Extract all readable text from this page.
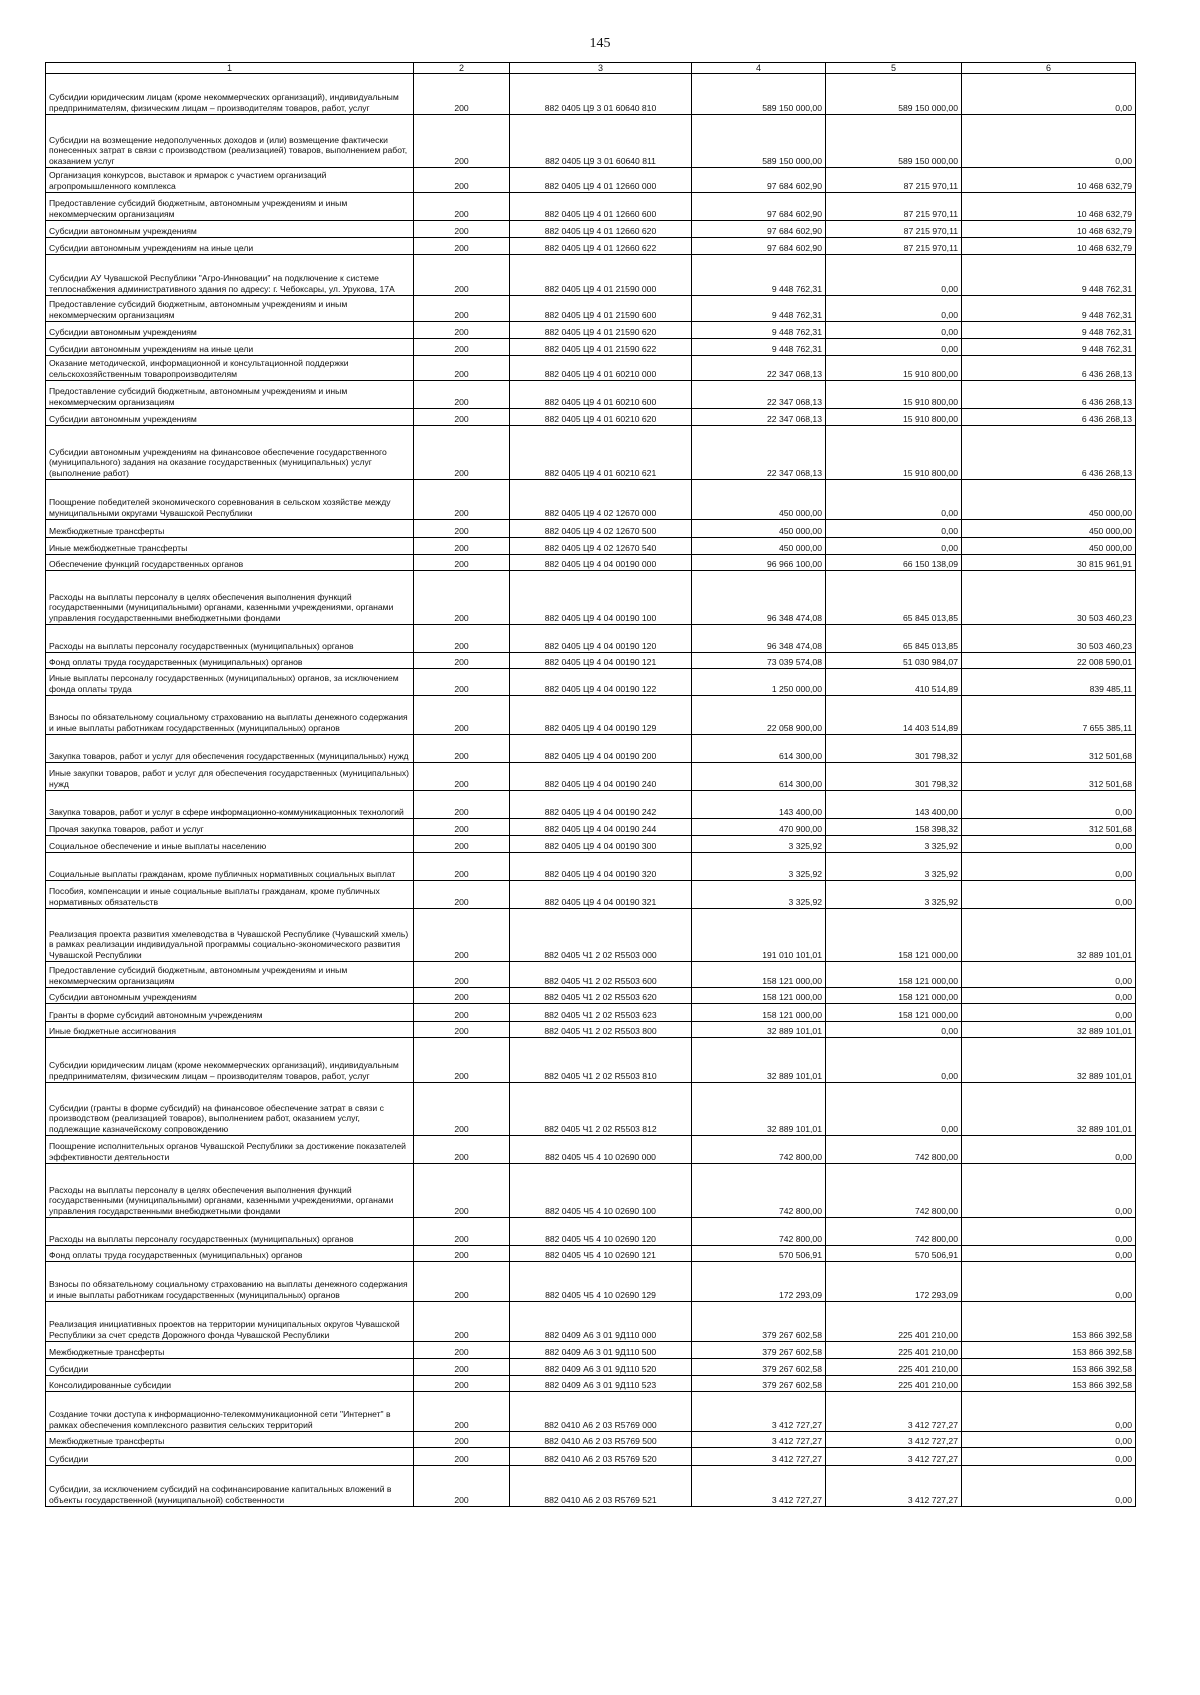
145
1	2	3	4	5	6
Субсидии юридическим лицам (кроме некоммерческих организаций), индивидуальным предпринимателям, физическим лицам – производителям товаров, работ, услуг	200	882 0405 Ц9 3 01 60640 810	589 150 000,00	589 150 000,00	0,00
Субсидии на возмещение недополученных доходов и (или) возмещение фактически понесенных затрат в связи с производством (реализацией) товаров, выполнением работ, оказанием услуг	200	882 0405 Ц9 3 01 60640 811	589 150 000,00	589 150 000,00	0,00
Организация конкурсов, выставок и ярмарок с участием организаций агропромышленного комплекса	200	882 0405 Ц9 4 01 12660 000	97 684 602,90	87 215 970,11	10 468 632,79
Предоставление субсидий бюджетным, автономным учреждениям и иным некоммерческим организациям	200	882 0405 Ц9 4 01 12660 600	97 684 602,90	87 215 970,11	10 468 632,79
Субсидии автономным учреждениям	200	882 0405 Ц9 4 01 12660 620	97 684 602,90	87 215 970,11	10 468 632,79
Субсидии автономным учреждениям на иные цели	200	882 0405 Ц9 4 01 12660 622	97 684 602,90	87 215 970,11	10 468 632,79
Субсидии АУ Чувашской Республики "Агро-Инновации" на подключение к системе теплоснабжения административного здания по адресу: г. Чебоксары, ул. Урукова, 17А	200	882 0405 Ц9 4 01 21590 000	9 448 762,31	0,00	9 448 762,31
Предоставление субсидий бюджетным, автономным учреждениям и иным некоммерческим организациям	200	882 0405 Ц9 4 01 21590 600	9 448 762,31	0,00	9 448 762,31
Субсидии автономным учреждениям	200	882 0405 Ц9 4 01 21590 620	9 448 762,31	0,00	9 448 762,31
Субсидии автономным учреждениям на иные цели	200	882 0405 Ц9 4 01 21590 622	9 448 762,31	0,00	9 448 762,31
Оказание методической, информационной и консультационной поддержки сельскохозяйственным товаропроизводителям	200	882 0405 Ц9 4 01 60210 000	22 347 068,13	15 910 800,00	6 436 268,13
Предоставление субсидий бюджетным, автономным учреждениям и иным некоммерческим организациям	200	882 0405 Ц9 4 01 60210 600	22 347 068,13	15 910 800,00	6 436 268,13
Субсидии автономным учреждениям	200	882 0405 Ц9 4 01 60210 620	22 347 068,13	15 910 800,00	6 436 268,13
Субсидии автономным учреждениям на финансовое обеспечение государственного (муниципального) задания на оказание государственных (муниципальных) услуг (выполнение работ)	200	882 0405 Ц9 4 01 60210 621	22 347 068,13	15 910 800,00	6 436 268,13
Поощрение победителей экономического соревнования в сельском хозяйстве между муниципальными округами Чувашской Республики	200	882 0405 Ц9 4 02 12670 000	450 000,00	0,00	450 000,00
Межбюджетные трансферты	200	882 0405 Ц9 4 02 12670 500	450 000,00	0,00	450 000,00
Иные межбюджетные трансферты	200	882 0405 Ц9 4 02 12670 540	450 000,00	0,00	450 000,00
Обеспечение функций государственных органов	200	882 0405 Ц9 4 04 00190 000	96 966 100,00	66 150 138,09	30 815 961,91
Расходы на выплаты персоналу в целях обеспечения выполнения функций государственными (муниципальными) органами, казенными учреждениями, органами управления государственными внебюджетными фондами	200	882 0405 Ц9 4 04 00190 100	96 348 474,08	65 845 013,85	30 503 460,23
Расходы на выплаты персоналу государственных (муниципальных) органов	200	882 0405 Ц9 4 04 00190 120	96 348 474,08	65 845 013,85	30 503 460,23
Фонд оплаты труда государственных (муниципальных) органов	200	882 0405 Ц9 4 04 00190 121	73 039 574,08	51 030 984,07	22 008 590,01
Иные выплаты персоналу государственных (муниципальных) органов, за исключением фонда оплаты труда	200	882 0405 Ц9 4 04 00190 122	1 250 000,00	410 514,89	839 485,11
Взносы по обязательному социальному страхованию на выплаты денежного содержания и иные выплаты работникам государственных (муниципальных) органов	200	882 0405 Ц9 4 04 00190 129	22 058 900,00	14 403 514,89	7 655 385,11
Закупка товаров, работ и услуг для обеспечения государственных (муниципальных) нужд	200	882 0405 Ц9 4 04 00190 200	614 300,00	301 798,32	312 501,68
Иные закупки товаров, работ и услуг для обеспечения государственных (муниципальных) нужд	200	882 0405 Ц9 4 04 00190 240	614 300,00	301 798,32	312 501,68
Закупка товаров, работ и услуг в сфере информационно-коммуникационных технологий	200	882 0405 Ц9 4 04 00190 242	143 400,00	143 400,00	0,00
Прочая закупка товаров, работ и услуг	200	882 0405 Ц9 4 04 00190 244	470 900,00	158 398,32	312 501,68
Социальное обеспечение и иные выплаты населению	200	882 0405 Ц9 4 04 00190 300	3 325,92	3 325,92	0,00
Социальные выплаты гражданам, кроме публичных нормативных социальных выплат	200	882 0405 Ц9 4 04 00190 320	3 325,92	3 325,92	0,00
Пособия, компенсации и иные социальные выплаты гражданам, кроме публичных нормативных обязательств	200	882 0405 Ц9 4 04 00190 321	3 325,92	3 325,92	0,00
Реализация проекта развития хмелеводства в Чувашской Республике (Чувашский хмель) в рамках реализации индивидуальной программы социально-экономического развития Чувашской Республики	200	882 0405 Ч1 2 02 R5503 000	191 010 101,01	158 121 000,00	32 889 101,01
Предоставление субсидий бюджетным, автономным учреждениям и иным некоммерческим организациям	200	882 0405 Ч1 2 02 R5503 600	158 121 000,00	158 121 000,00	0,00
Субсидии автономным учреждениям	200	882 0405 Ч1 2 02 R5503 620	158 121 000,00	158 121 000,00	0,00
Гранты в форме субсидий автономным учреждениям	200	882 0405 Ч1 2 02 R5503 623	158 121 000,00	158 121 000,00	0,00
Иные бюджетные ассигнования	200	882 0405 Ч1 2 02 R5503 800	32 889 101,01	0,00	32 889 101,01
Субсидии юридическим лицам (кроме некоммерческих организаций), индивидуальным предпринимателям, физическим лицам – производителям товаров, работ, услуг	200	882 0405 Ч1 2 02 R5503 810	32 889 101,01	0,00	32 889 101,01
Субсидии (гранты в форме субсидий) на финансовое обеспечение затрат в связи с производством (реализацией товаров), выполнением работ, оказанием услуг, подлежащие казначейскому сопровождению	200	882 0405 Ч1 2 02 R5503 812	32 889 101,01	0,00	32 889 101,01
Поощрение исполнительных органов Чувашской Республики за достижение показателей эффективности деятельности	200	882 0405 Ч5 4 10 02690 000	742 800,00	742 800,00	0,00
Расходы на выплаты персоналу в целях обеспечения выполнения функций государственными (муниципальными) органами, казенными учреждениями, органами управления государственными внебюджетными фондами	200	882 0405 Ч5 4 10 02690 100	742 800,00	742 800,00	0,00
Расходы на выплаты персоналу государственных (муниципальных) органов	200	882 0405 Ч5 4 10 02690 120	742 800,00	742 800,00	0,00
Фонд оплаты труда государственных (муниципальных) органов	200	882 0405 Ч5 4 10 02690 121	570 506,91	570 506,91	0,00
Взносы по обязательному социальному страхованию на выплаты денежного содержания и иные выплаты работникам государственных (муниципальных) органов	200	882 0405 Ч5 4 10 02690 129	172 293,09	172 293,09	0,00
Реализация инициативных проектов на территории муниципальных округов Чувашской Республики за счет средств Дорожного фонда Чувашской Республики	200	882 0409 А6 3 01 9Д110 000	379 267 602,58	225 401 210,00	153 866 392,58
Межбюджетные трансферты	200	882 0409 А6 3 01 9Д110 500	379 267 602,58	225 401 210,00	153 866 392,58
Субсидии	200	882 0409 А6 3 01 9Д110 520	379 267 602,58	225 401 210,00	153 866 392,58
Консолидированные субсидии	200	882 0409 А6 3 01 9Д110 523	379 267 602,58	225 401 210,00	153 866 392,58
Создание точки доступа к информационно-телекоммуникационной сети "Интернет" в рамках обеспечения комплексного развития сельских территорий	200	882 0410 А6 2 03 R5769 000	3 412 727,27	3 412 727,27	0,00
Межбюджетные трансферты	200	882 0410 А6 2 03 R5769 500	3 412 727,27	3 412 727,27	0,00
Субсидии	200	882 0410 А6 2 03 R5769 520	3 412 727,27	3 412 727,27	0,00
Субсидии, за исключением субсидий на софинансирование капитальных вложений в объекты государственной (муниципальной) собственности	200	882 0410 А6 2 03 R5769 521	3 412 727,27	3 412 727,27	0,00
